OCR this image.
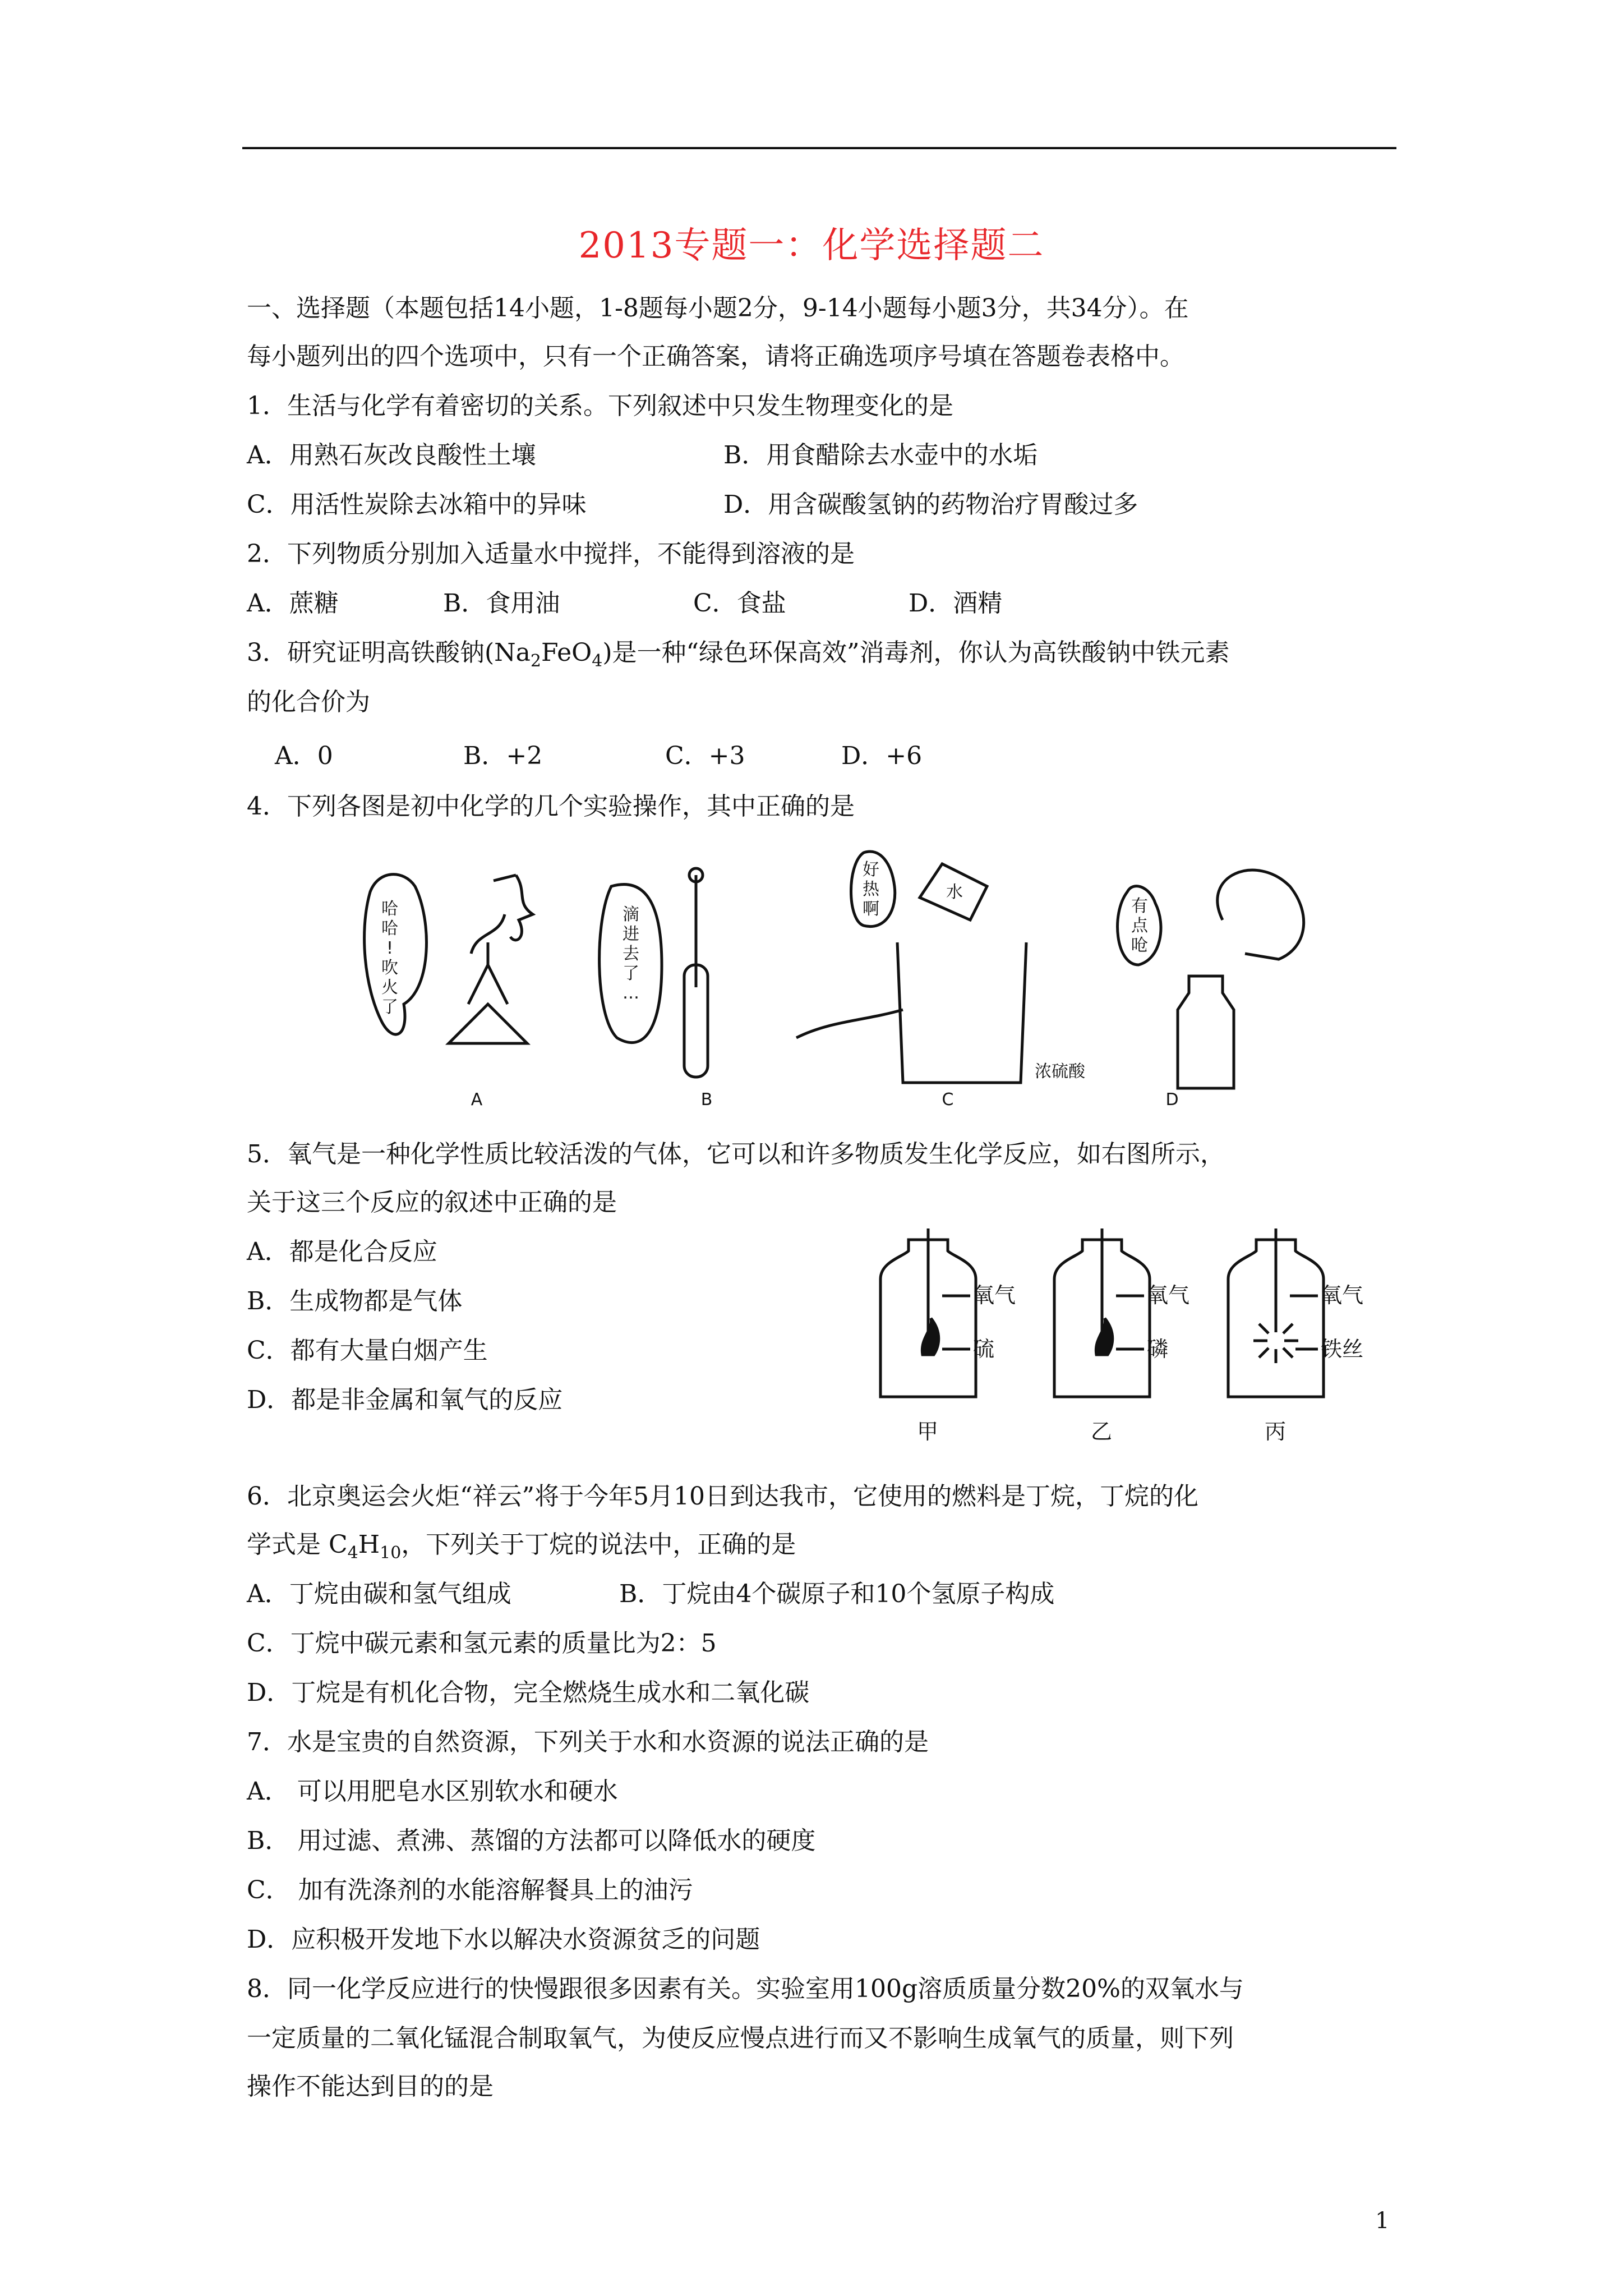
2013专题一：化学选择题二
一、选择题（本题包括14小题，1-8题每小题2分，9-14小题每小题3分，共34分）。在
每小题列出的四个选项中，只有一个正确答案，请将正确选项序号填在答题卷表格中。
1．生活与化学有着密切的关系。下列叙述中只发生物理变化的是
A．用熟石灰改良酸性土壤	B．用食醋除去水壶中的水垢
C．用活性炭除去冰箱中的异味	D．用含碳酸氢钠的药物治疗胃酸过多
2．下列物质分别加入适量水中搅拌，不能得到溶液的是
A．蔗糖	B．食用油	C．食盐	D．酒精
3．研究证明高铁酸钠$(Na_2FeO_4)$是一种“绿色环保高效”消毒剂，你认为高铁酸钠中铁元素
的化合价为
A．0	B．+2	C．+3	D．+6
4．下列各图是初中化学的几个实验操作，其中正确的是
哈
哈
!
吹
火
了
滴
进
去
了
…
好
热
啊
水
浓硫酸
有
点
呛
A	B	C	D
5．氧气是一种化学性质比较活泼的气体，它可以和许多物质发生化学反应，如右图所示，
关于这三个反应的叙述中正确的是
A．都是化合反应
B．生成物都是气体
C．都有大量白烟产生
D．都是非金属和氧气的反应
氧气
硫
氧气
磷
氧气
铁丝
甲	乙	丙
6．北京奥运会火炬“祥云”将于今年5月10日到达我市，它使用的燃料是丁烷，丁烷的化
学式是 $C_4H_{10}$，下列关于丁烷的说法中，正确的是
A．丁烷由碳和氢气组成	B．丁烷由4个碳原子和10个氢原子构成
C．丁烷中碳元素和氢元素的质量比为2：5
D．丁烷是有机化合物，完全燃烧生成水和二氧化碳
7．水是宝贵的自然资源，下列关于水和水资源的说法正确的是
A． 可以用肥皂水区别软水和硬水
B． 用过滤、煮沸、蒸馏的方法都可以降低水的硬度
C． 加有洗涤剂的水能溶解餐具上的油污
D．应积极开发地下水以解决水资源贫乏的问题
8．同一化学反应进行的快慢跟很多因素有关。实验室用100g溶质质量分数20%的双氧水与
一定质量的二氧化锰混合制取氧气，为使反应慢点进行而又不影响生成氧气的质量，则下列
操作不能达到目的的是
1
